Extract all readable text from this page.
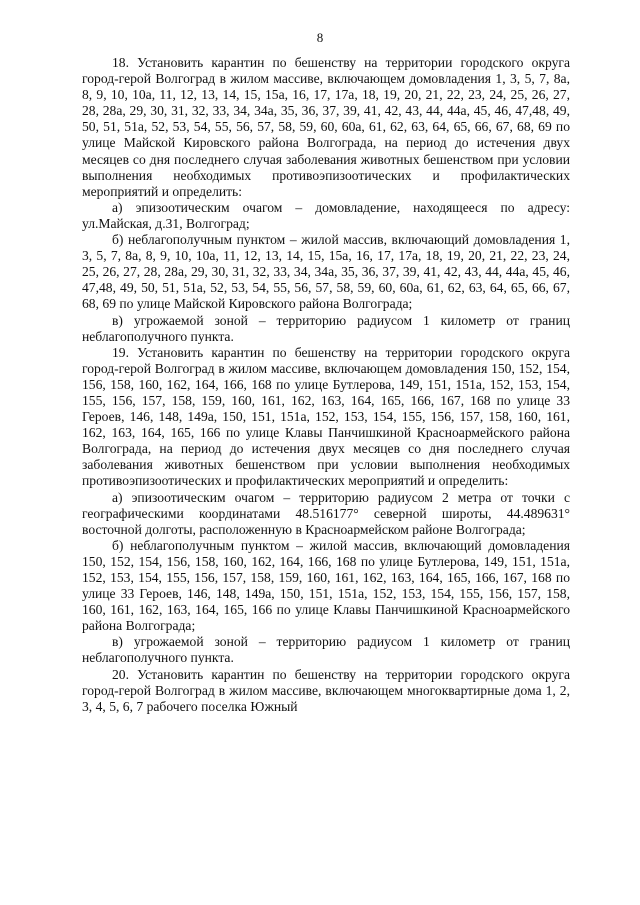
8

18. Установить карантин по бешенству на территории городского округа город-герой Волгоград в жилом массиве, включающем домовладения 1, 3, 5, 7, 8а, 8, 9, 10, 10а, 11, 12, 13, 14, 15, 15а, 16, 17, 17а, 18, 19, 20, 21, 22, 23, 24, 25, 26, 27, 28, 28а, 29, 30, 31, 32, 33, 34, 34а, 35, 36, 37, 39, 41, 42, 43, 44, 44а, 45, 46, 47,48, 49, 50, 51, 51а, 52, 53, 54, 55, 56, 57, 58, 59, 60, 60а, 61, 62, 63, 64, 65, 66, 67, 68, 69 по улице Майской Кировского района Волгограда, на период до истечения двух месяцев со дня последнего случая заболевания животных бешенством при условии выполнения необходимых противоэпизоотических и профилактических мероприятий и определить:

а) эпизоотическим очагом – домовладение, находящееся по адресу: ул.Майская, д.31, Волгоград;

б) неблагополучным пунктом – жилой массив, включающий домовладения 1, 3, 5, 7, 8а, 8, 9, 10, 10а, 11, 12, 13, 14, 15, 15а, 16, 17, 17а, 18, 19, 20, 21, 22, 23, 24, 25, 26, 27, 28, 28а, 29, 30, 31, 32, 33, 34, 34а, 35, 36, 37, 39, 41, 42, 43, 44, 44а, 45, 46, 47,48, 49, 50, 51, 51а, 52, 53, 54, 55, 56, 57, 58, 59, 60, 60а, 61, 62, 63, 64, 65, 66, 67, 68, 69 по улице Майской Кировского района Волгограда;

в) угрожаемой зоной – территорию радиусом 1 километр от границ неблагополучного пункта.

19. Установить карантин по бешенству на территории городского округа город-герой Волгоград в жилом массиве, включающем домовладения 150, 152, 154, 156, 158, 160, 162, 164, 166, 168 по улице Бутлерова, 149, 151, 151а, 152, 153, 154, 155, 156, 157, 158, 159, 160, 161, 162, 163, 164, 165, 166, 167, 168 по улице 33 Героев, 146, 148, 149а, 150, 151, 151а, 152, 153, 154, 155, 156, 157, 158, 160, 161, 162, 163, 164, 165, 166 по улице Клавы Панчишкиной Красноармейского района Волгограда, на период до истечения двух месяцев со дня последнего случая заболевания животных бешенством при условии выполнения необходимых противоэпизоотических и профилактических мероприятий и определить:

а) эпизоотическим очагом – территорию радиусом 2 метра от точки с географическими координатами 48.516177° северной широты, 44.489631° восточной долготы, расположенную в Красноармейском районе Волгограда;

б) неблагополучным пунктом – жилой массив, включающий домовладения 150, 152, 154, 156, 158, 160, 162, 164, 166, 168 по улице Бутлерова, 149, 151, 151а, 152, 153, 154, 155, 156, 157, 158, 159, 160, 161, 162, 163, 164, 165, 166, 167, 168 по улице 33 Героев, 146, 148, 149а, 150, 151, 151а, 152, 153, 154, 155, 156, 157, 158, 160, 161, 162, 163, 164, 165, 166 по улице Клавы Панчишкиной Красноармейского района Волгограда;

в) угрожаемой зоной – территорию радиусом 1 километр от границ неблагополучного пункта.

20. Установить карантин по бешенству на территории городского округа город-герой Волгоград в жилом массиве, включающем многоквартирные дома 1, 2, 3, 4, 5, 6, 7 рабочего поселка Южный
